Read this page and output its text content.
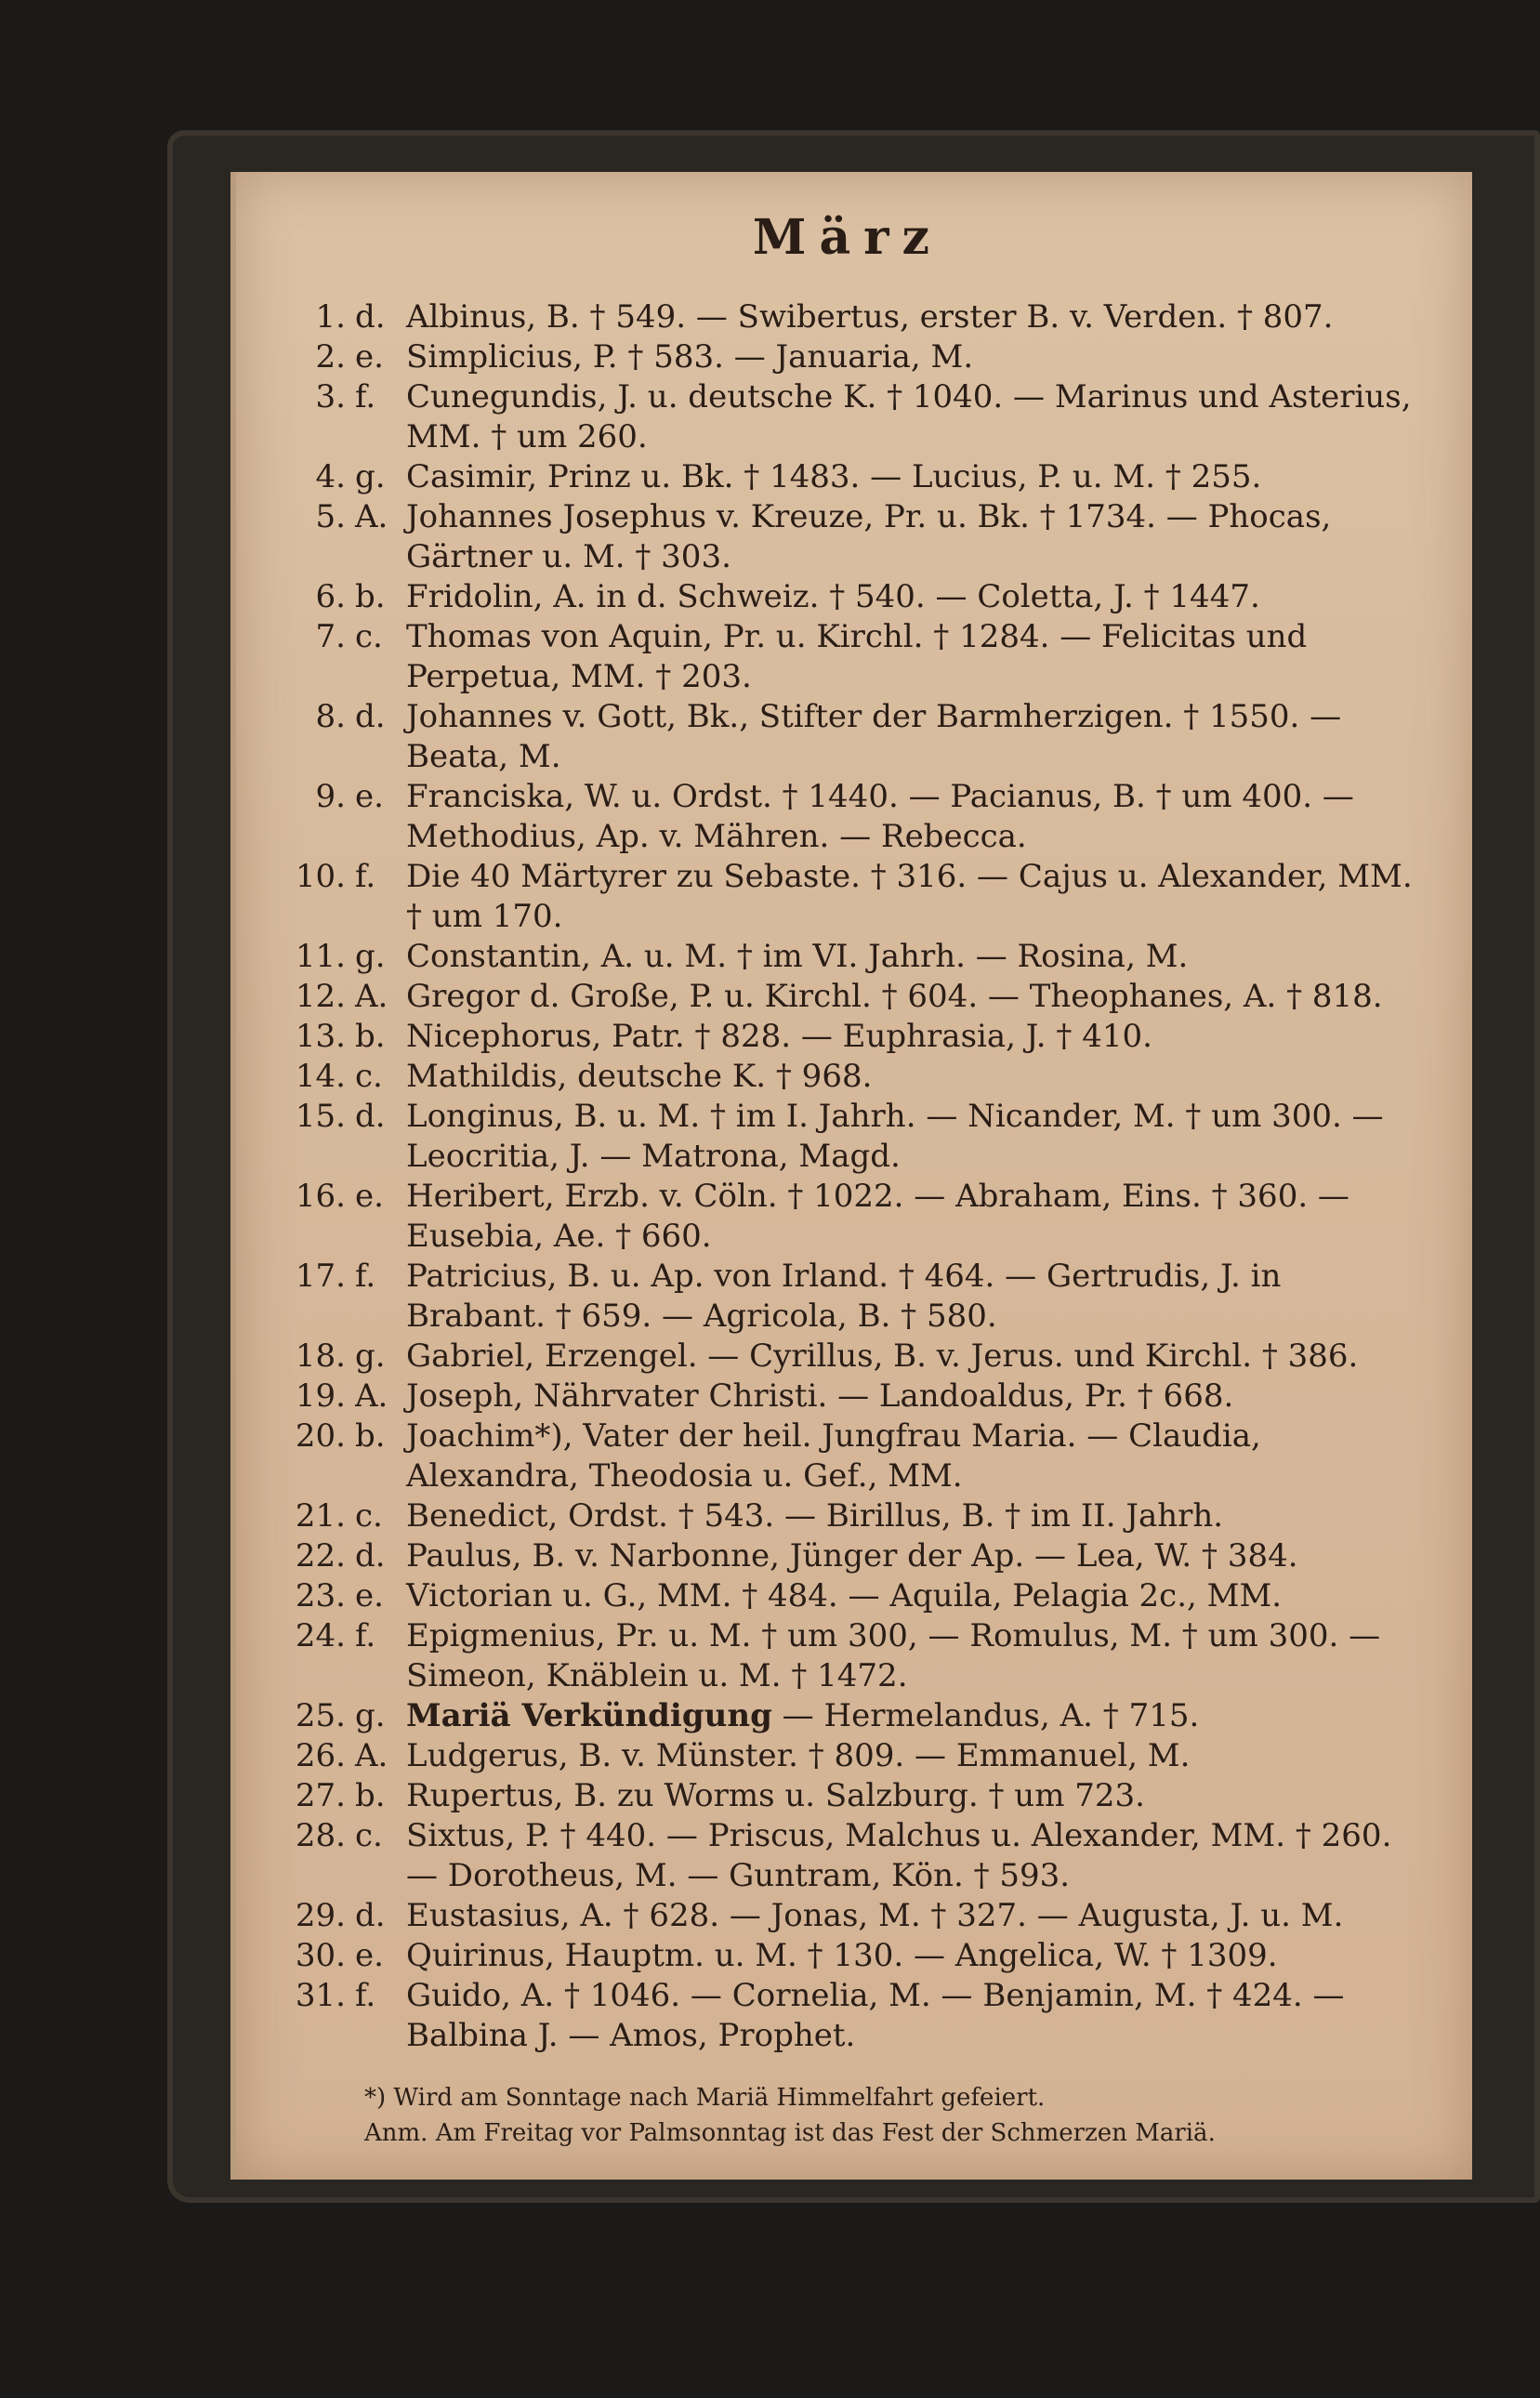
März
1. d. Albinus, B. † 549. — Swibertus, erster B. v. Verden. † 807.
2. e. Simplicius, P. † 583. — Januaria, M.
3. f. Cunegundis, J. u. deutsche K. † 1040. — Marinus und Asterius, MM. † um 260.
4. g. Casimir, Prinz u. Bk. † 1483. — Lucius, P. u. M. † 255.
5. A. Johannes Josephus v. Kreuze, Pr. u. Bk. † 1734. — Phocas, Gärtner u. M. † 303.
6. b. Fridolin, A. in d. Schweiz. † 540. — Coletta, J. † 1447.
7. c. Thomas von Aquin, Pr. u. Kirchl. † 1284. — Felicitas und Perpetua, MM. † 203.
8. d. Johannes v. Gott, Bk., Stifter der Barmherzigen. † 1550. — Beata, M.
9. e. Franciska, W. u. Ordst. † 1440. — Pacianus, B. † um 400. — Methodius, Ap. v. Mähren. — Rebecca.
10. f. Die 40 Märtyrer zu Sebaste. † 316. — Cajus u. Alexander, MM. † um 170.
11. g. Constantin, A. u. M. † im VI. Jahrh. — Rosina, M.
12. A. Gregor d. Große, P. u. Kirchl. † 604. — Theophanes, A. † 818.
13. b. Nicephorus, Patr. † 828. — Euphrasia, J. † 410.
14. c. Mathildis, deutsche K. † 968.
15. d. Longinus, B. u. M. † im I. Jahrh. — Nicander, M. † um 300. — Leocritia, J. — Matrona, Magd.
16. e. Heribert, Erzb. v. Cöln. † 1022. — Abraham, Eins. † 360. — Eusebia, Ae. † 660.
17. f. Patricius, B. u. Ap. von Irland. † 464. — Gertrudis, J. in Brabant. † 659. — Agricola, B. † 580.
18. g. Gabriel, Erzengel. — Cyrillus, B. v. Jerus. und Kirchl. † 386.
19. A. Joseph, Nährvater Christi. — Landoaldus, Pr. † 668.
20. b. Joachim*), Vater der heil. Jungfrau Maria. — Claudia, Alexandra, Theodosia u. Gef., MM.
21. c. Benedict, Ordst. † 543. — Birillus, B. † im II. Jahrh.
22. d. Paulus, B. v. Narbonne, Jünger der Ap. — Lea, W. † 384.
23. e. Victorian u. G., MM. † 484. — Aquila, Pelagia 2c., MM.
24. f. Epigmenius, Pr. u. M. † um 300, — Romulus, M. † um 300. — Simeon, Knäblein u. M. † 1472.
25. g. Mariä Verkündigung — Hermelandus, A. † 715.
26. A. Ludgerus, B. v. Münster. † 809. — Emmanuel, M.
27. b. Rupertus, B. zu Worms u. Salzburg. † um 723.
28. c. Sixtus, P. † 440. — Priscus, Malchus u. Alexander, MM. † 260. — Dorotheus, M. — Guntram, Kön. † 593.
29. d. Eustasius, A. † 628. — Jonas, M. † 327. — Augusta, J. u. M.
30. e. Quirinus, Hauptm. u. M. † 130. — Angelica, W. † 1309.
31. f. Guido, A. † 1046. — Cornelia, M. — Benjamin, M. † 424. — Balbina J. — Amos, Prophet.
*) Wird am Sonntage nach Mariä Himmelfahrt gefeiert.
Anm. Am Freitag vor Palmsonntag ist das Fest der Schmerzen Mariä.
